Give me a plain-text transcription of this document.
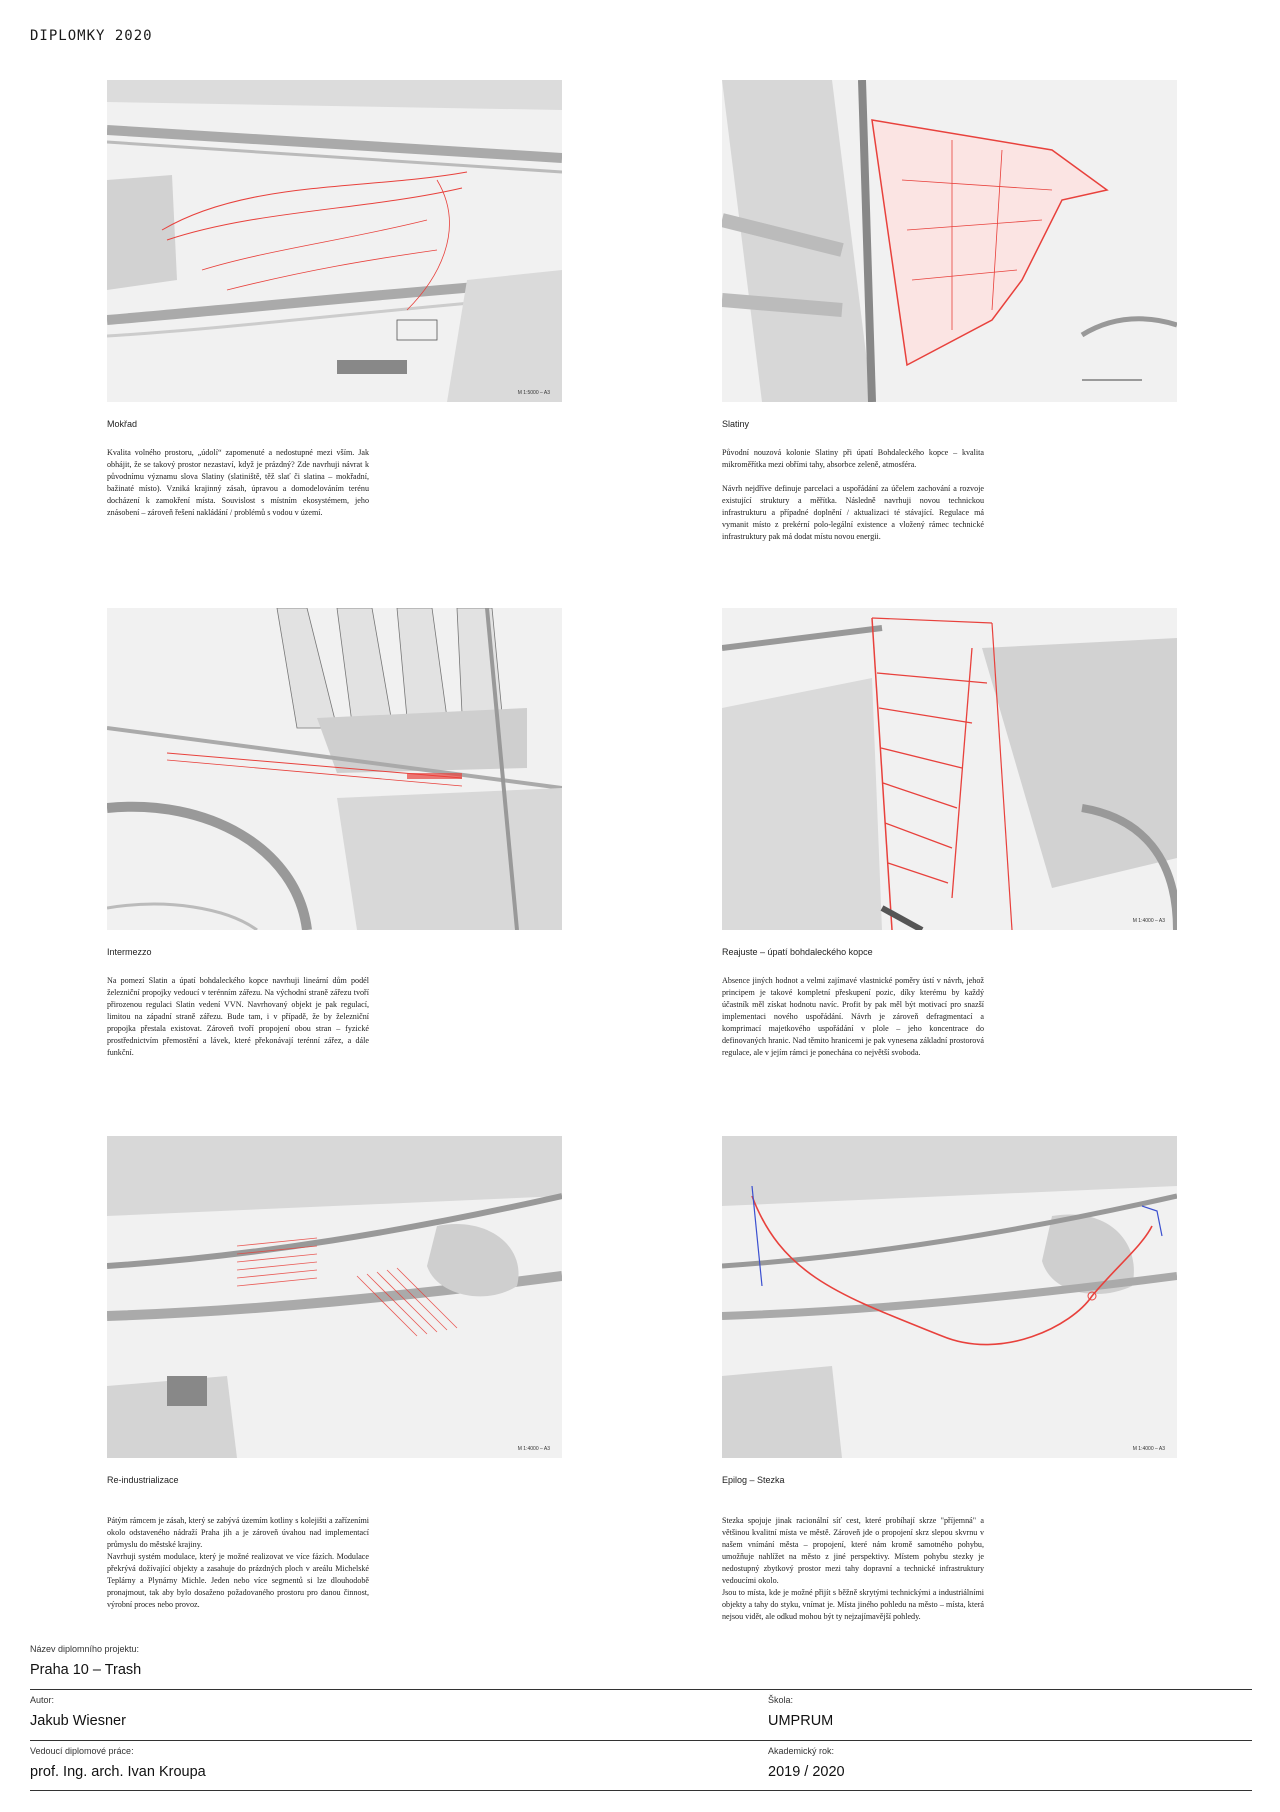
DIPLOMKY 2020
M 1:5000 – A3
Mokřad

Kvalita volného prostoru, „údolí“ zapomenuté a nedostupné mezi vším. Jak obhájit, že se takový prostor nezastaví, když je prázdný? Zde navrhuji návrat k původnímu významu slova Slatiny (slatiniště, těž slať či slatina – mokřadní, bažinaté místo). Vzniká krajinný zásah, úpravou a domodelováním terénu docházení k zamokření místa. Souvislost s místním ekosystémem, jeho znásobení – zároveň řešení nakládání / problémů s vodou v území.

Slatiny

Původní nouzová kolonie Slatiny při úpatí Bohdaleckého kopce – kvalita mikroměřítka mezi obřími tahy, absorbce zeleně, atmosféra.

Návrh nejdříve definuje parcelaci a uspořádání za účelem zachování a rozvoje existující struktury a měřítka. Následně navrhuji novou technickou infrastrukturu a případné doplnění / aktualizaci té stávající. Regulace má vymanit místo z prekérní polo-legální existence a vložený rámec technické infrastruktury pak má dodat místu novou energii.

Intermezzo

Na pomezí Slatin a úpatí bohdaleckého kopce navrhuji lineární dům podél železniční propojky vedoucí v terénním zářezu. Na východní straně zářezu tvoří přirozenou regulaci Slatin vedení VVN. Navrhovaný objekt je pak regulací, limitou na západní straně zářezu. Bude tam, i v případě, že by železniční propojka přestala existovat. Zároveň tvoří propojení obou stran – fyzické prostřednictvím přemostění a lávek, které překonávají terénní zářez, a dále funkční.

M 1:4000 – A3
Reajuste – úpatí bohdaleckého kopce

Absence jiných hodnot a velmi zajímavé vlastnické poměry ústí v návrh, jehož principem je takové kompletní přeskupení pozic, díky kterému by každý účastník měl získat hodnotu navíc. Profit by pak měl být motivací pro snazší implementaci nového uspořádání. Návrh je zároveň defragmentací a komprimací majetkového uspořádání v plole – jeho koncentrace do definovaných hranic. Nad těmito hranicemi je pak vynesena základní prostorová regulace, ale v jejím rámci je ponechána co největší svoboda.

M 1:4000 – A3
Re-industrializace

Pátým rámcem je zásah, který se zabývá územím kotliny s kolejišti a zařízeními okolo odstaveného nádraží Praha jih a je zároveň úvahou nad implementací průmyslu do městské krajiny.
Navrhuji systém modulace, který je možné realizovat ve více fázích. Modulace překrývá dožívající objekty a zasahuje do prázdných ploch v areálu Michelské Teplárny a Plynárny Michle. Jeden nebo více segmentů si lze dlouhodobě pronajmout, tak aby bylo dosaženo požadovaného prostoru pro danou činnost, výrobní proces nebo provoz.

M 1:4000 – A3
Epilog – Stezka

Stezka spojuje jinak racionální síť cest, které probíhají skrze "příjemná" a většinou kvalitní místa ve městě. Zároveň jde o propojení skrz slepou skvrnu v našem vnímání města – propojení, které nám kromě samotného pohybu, umožňuje nahlížet na město z jiné perspektivy. Místem pohybu stezky je nedostupný zbytkový prostor mezi tahy dopravní a technické infrastruktury vedoucími okolo.
Jsou to místa, kde je možné přijít s běžně skrytými technickými a industriálními objekty a tahy do styku, vnímat je. Místa jiného pohledu na město – místa, která nejsou vidět, ale odkud mohou být ty nejzajímavější pohledy.

Název diplomního projektu:
Praha 10 – Trash
Autor:
Jakub Wiesner
Škola:
UMPRUM
Vedoucí diplomové práce:
prof. Ing. arch. Ivan Kroupa
Akademický rok:
2019 / 2020
